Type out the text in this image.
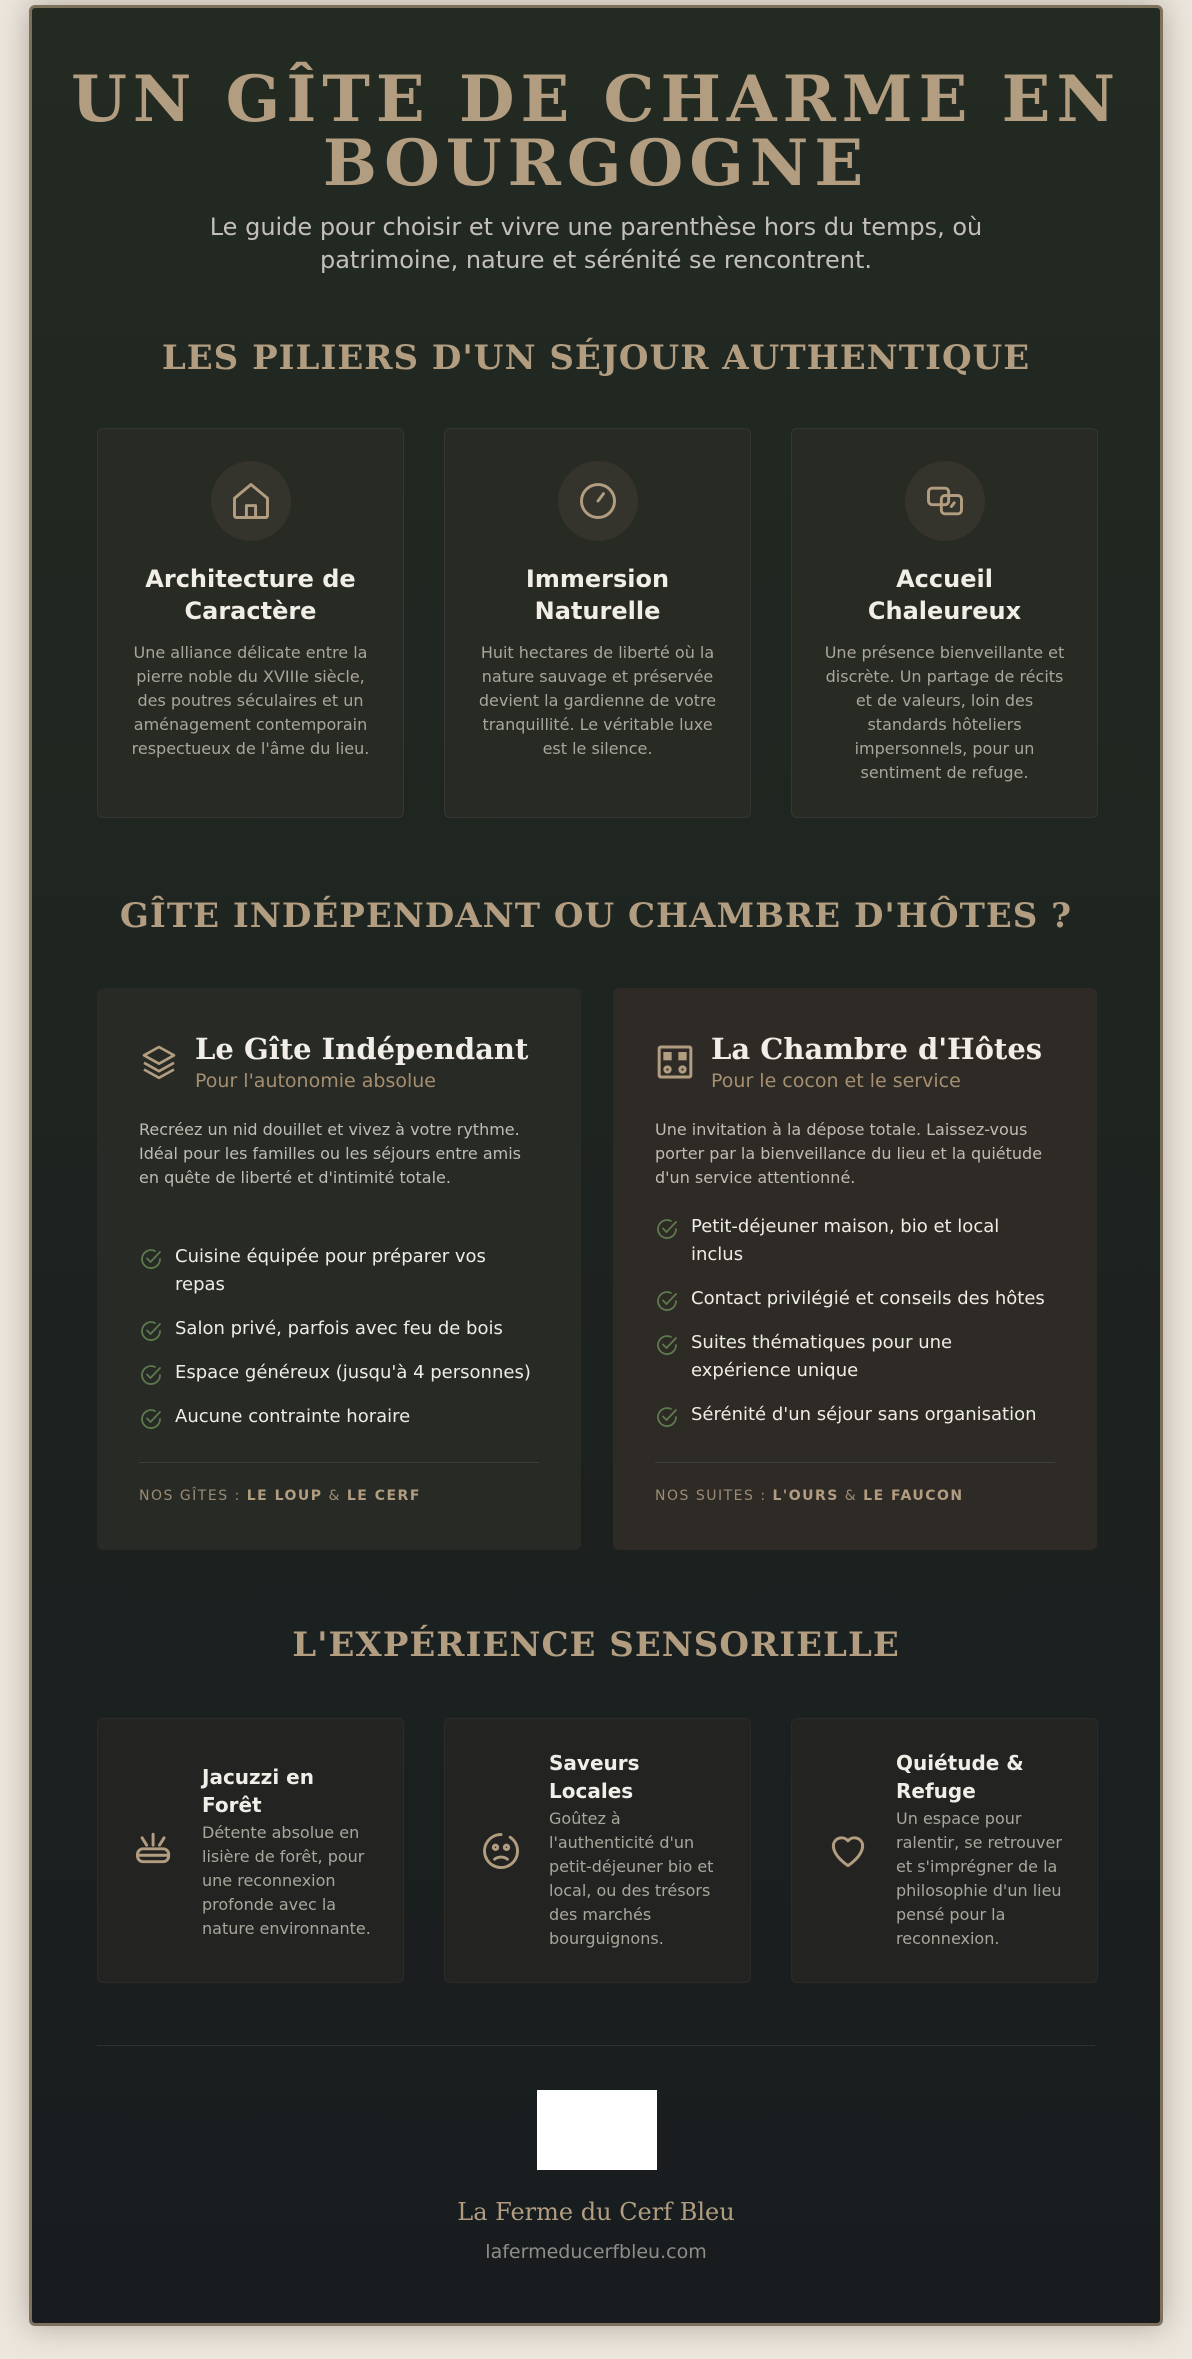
UN GÎTE DE CHARME EN
BOURGOGNE

Le guide pour choisir et vivre une parenthèse hors du temps, où
patrimoine, nature et sérénité se rencontrent.

LES PILIERS D'UN SÉJOUR AUTHENTIQUE
Architecture de Caractère

Une alliance délicate entre la pierre noble du XVIIIe siècle, des poutres séculaires et un aménagement contemporain respectueux de l'âme du lieu.

Immersion Naturelle

Huit hectares de liberté où la nature sauvage et préservée devient la gardienne de votre tranquillité. Le véritable luxe est le silence.

Accueil Chaleureux

Une présence bienveillante et discrète. Un partage de récits et de valeurs, loin des standards hôteliers impersonnels, pour un sentiment de refuge.

GÎTE INDÉPENDANT OU CHAMBRE D'HÔTES ?
Le Gîte Indépendant
Pour l'autonomie absolue

Recréez un nid douillet et vivez à votre rythme. Idéal pour les familles ou les séjours entre amis en quête de liberté et d'intimité totale.

Cuisine équipée pour préparer vos repas
Salon privé, parfois avec feu de bois
Espace généreux (jusqu'à 4 personnes)
Aucune contrainte horaire
NOS GÎTES : LE LOUP & LE CERF
La Chambre d'Hôtes
Pour le cocon et le service

Une invitation à la dépose totale. Laissez-vous porter par la bienveillance du lieu et la quiétude d'un service attentionné.

Petit-déjeuner maison, bio et local inclus
Contact privilégié et conseils des hôtes
Suites thématiques pour une expérience unique
Sérénité d'un séjour sans organisation
NOS SUITES : L'OURS & LE FAUCON
L'EXPÉRIENCE SENSORIELLE
Jacuzzi en Forêt

Détente absolue en lisière de forêt, pour une reconnexion profonde avec la nature environnante.

Saveurs Locales

Goûtez à l'authenticité d'un petit-déjeuner bio et local, ou des trésors des marchés bourguignons.

Quiétude & Refuge

Un espace pour ralentir, se retrouver et s'imprégner de la philosophie d'un lieu pensé pour la reconnexion.

La Ferme du Cerf Bleu
lafermeducerfbleu.com
